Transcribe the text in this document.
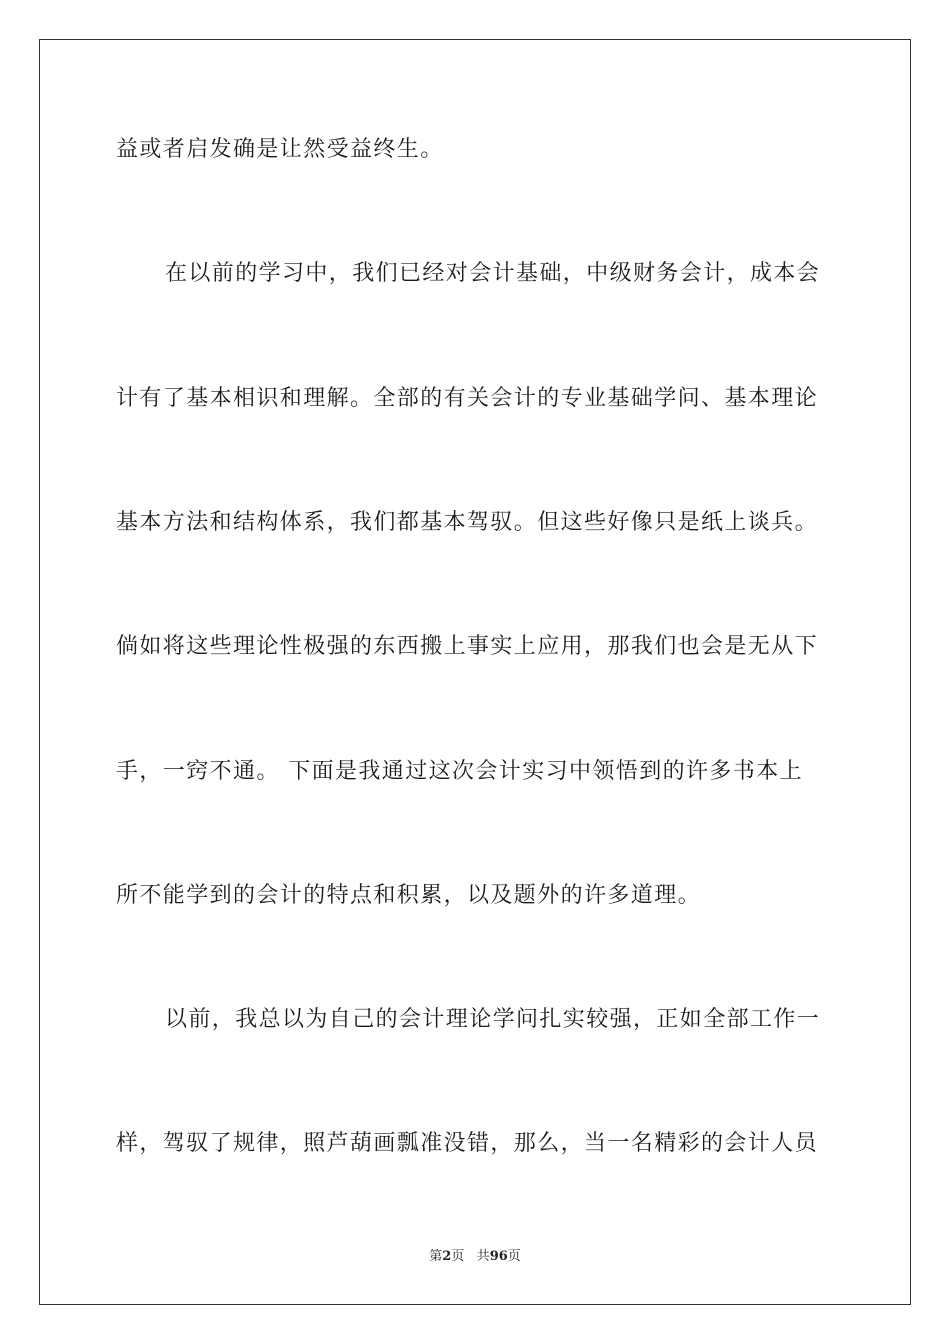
益或者启发确是让然受益终生。
在以前的学习中，我们已经对会计基础，中级财务会计，成本会
计有了基本相识和理解。全部的有关会计的专业基础学问、基本理论
基本方法和结构体系，我们都基本驾驭。但这些好像只是纸上谈兵。
倘如将这些理论性极强的东西搬上事实上应用，那我们也会是无从下
手，一窍不通。 下面是我通过这次会计实习中领悟到的许多书本上
所不能学到的会计的特点和积累，以及题外的许多道理。
以前，我总以为自己的会计理论学问扎实较强，正如全部工作一
样，驾驭了规律，照芦葫画瓢准没错，那么，当一名精彩的会计人员
第2页 共96页
